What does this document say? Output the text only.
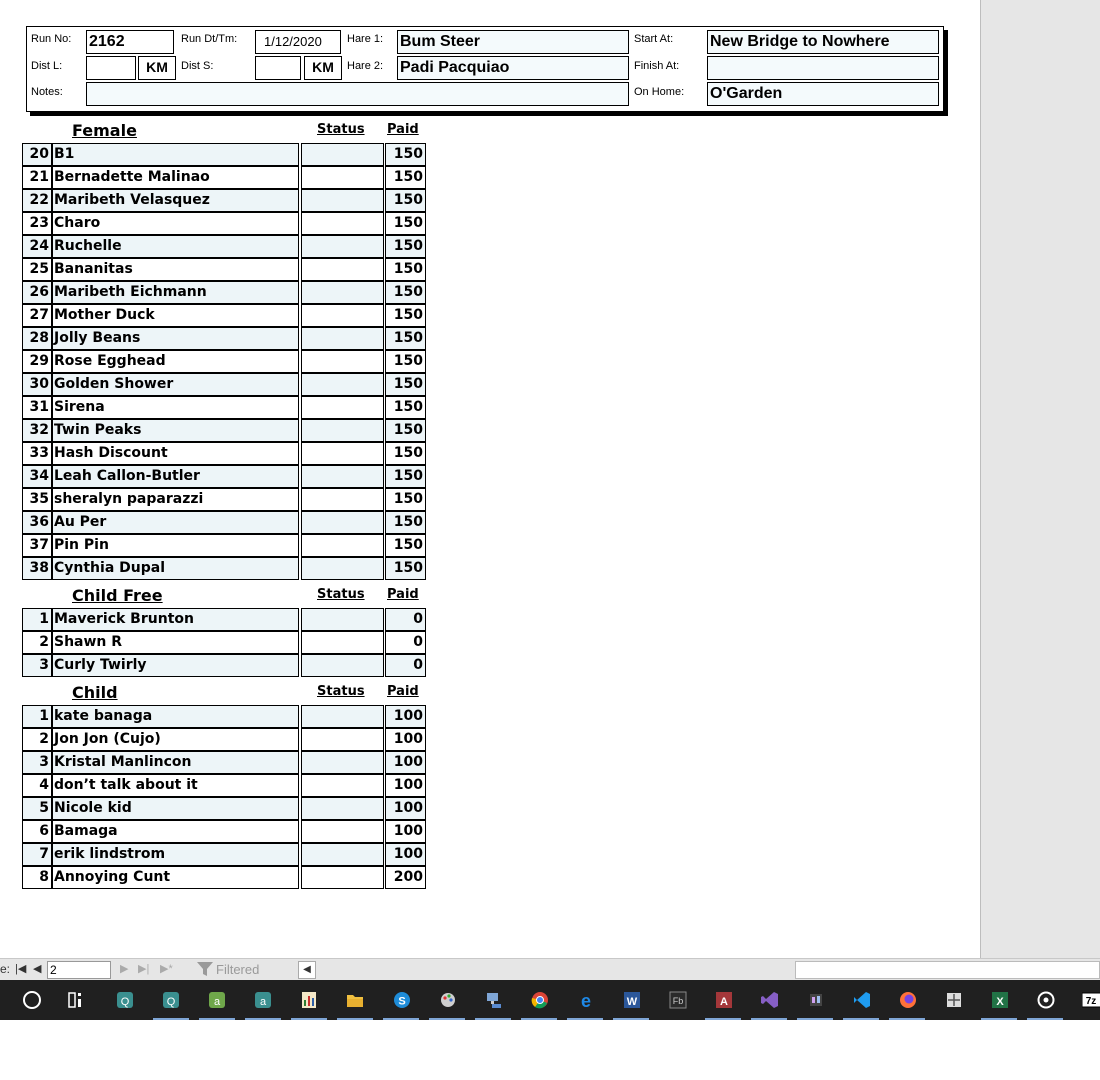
Run No: 2162	Run Dt/Tm:	1/12/2020	Hare 1: Bum Steer	Start At: New Bridge to Nowhere
Dist L:	KM	Dist S:	KM	Hare 2: Padi Pacquiao	Finish At:
Notes:	On Home: O'Garden
Female	Status Paid
20 B1	150
21 Bernadette Malinao	150
22 Maribeth Velasquez	150
23 Charo	150
24 Ruchelle	150
25 Bananitas	150
26 Maribeth Eichmann	150
27 Mother Duck	150
28 Jolly Beans	150
29 Rose Egghead	150
30 Golden Shower	150
31 Sirena	150
32 Twin Peaks	150
33 Hash Discount	150
34 Leah Callon-Butler	150
35 sheralyn paparazzi	150
36 Au Per	150
37 Pin Pin	150
38 Cynthia Dupal	150
Child Free	Status Paid
1 Maverick Brunton	0
2 Shawn R	0
3 Curly Twirly	0
Child	Status Paid
1 kate banaga	100
2 Jon Jon (Cujo)	100
3 Kristal Manlincon	100
4 don’t talk about it	100
5 Nicole kid	100
6 Bamaga	100
7 erik lindstrom	100
8 Annoying Cunt	200
e: |◀ ◀ 2	▶ ▶| ▶*	Filtered	◀
Q	Q	a	a	S	e	W	Fb	A	X	7z
